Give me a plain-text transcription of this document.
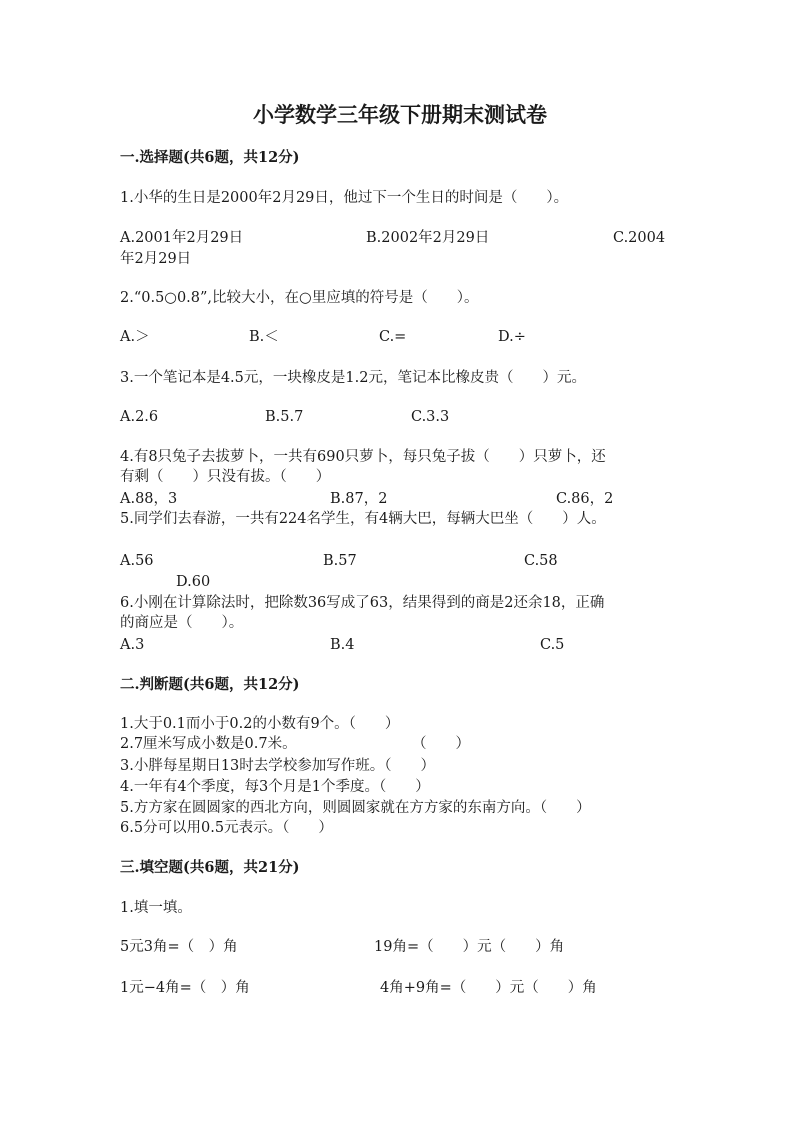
小学数学三年级下册期末测试卷
一.选择题(共6题，共12分)
1.小华的生日是2000年2月29日，他过下一个生日的时间是（　　）。
A.2001年2月29日	B.2002年2月29日	C.2004
年2月29日
2.“0.5○0.8”,比较大小，在○里应填的符号是（　　）。
A.＞	B.＜	C.=	D.÷
3.一个笔记本是4.5元，一块橡皮是1.2元，笔记本比橡皮贵（　　）元。
A.2.6	B.5.7	C.3.3
4.有8只兔子去拔萝卜，一共有690只萝卜，每只兔子拔（　　）只萝卜，还
有剩（　　）只没有拔。（　　）
A.88，3	B.87，2	C.86，2
5.同学们去春游，一共有224名学生，有4辆大巴，每辆大巴坐（　　）人。
A.56	B.57	C.58
D.60
6.小刚在计算除法时，把除数36写成了63，结果得到的商是2还余18，正确
的商应是（　　）。
A.3	B.4	C.5
二.判断题(共6题，共12分)
1.大于0.1而小于0.2的小数有9个。（　　）
2.7厘米写成小数是0.7米。	（　　）
3.小胖每星期日13时去学校参加写作班。（　　）
4.一年有4个季度，每3个月是1个季度。（　　）
5.方方家在圆圆家的西北方向，则圆圆家就在方方家的东南方向。（　　）
6.5分可以用0.5元表示。（　　）
三.填空题(共6题，共21分)
1.填一填。
5元3角=（　）角	19角=（　　）元（　　）角
1元−4角=（　）角	4角+9角=（　　）元（　　）角
